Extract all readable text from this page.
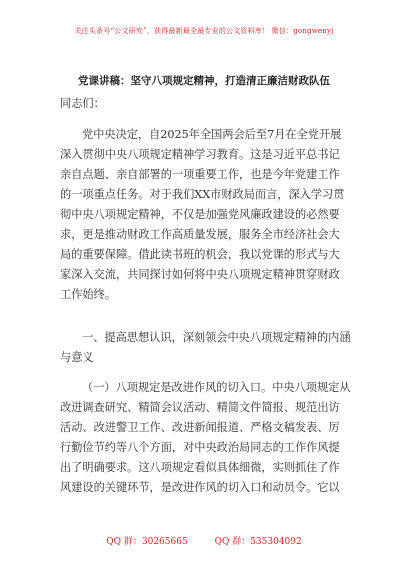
关注头条号“公文研究”，获得最新最全最专业的公文资料库！ 微信：gongwenyj
党课讲稿：坚守八项规定精神，打造清正廉洁财政队伍
同志们：
党中央决定，自2025年全国两会后至7月在全党开展
深入贯彻中央八项规定精神学习教育。这是习近平总书记
亲自点题、亲自部署的一项重要工作，也是今年党建工作
的一项重点任务。对于我们XX市财政局而言，深入学习贯
彻中央八项规定精神，不仅是加强党风廉政建设的必然要
求，更是推动财政工作高质量发展，服务全市经济社会大
局的重要保障。借此读书班的机会，我以党课的形式与大
家深入交流，共同探讨如何将中央八项规定精神贯穿财政
工作始终。
一、提高思想认识，深刻领会中央八项规定精神的内涵
与意义
（一）八项规定是改进作风的切入口。中央八项规定从
改进调查研究、精简会议活动、精简文件简报、规范出访
活动、改进警卫工作、改进新闻报道、严格文稿发表、厉
行勤俭节约等八个方面，对中央政治局同志的工作作风提
出了明确要求。这八项规定看似具体细微，实则抓住了作
风建设的关键环节，是改进作风的切入口和动员令。它以
QQ 群：30265665	QQ 群：535304092
